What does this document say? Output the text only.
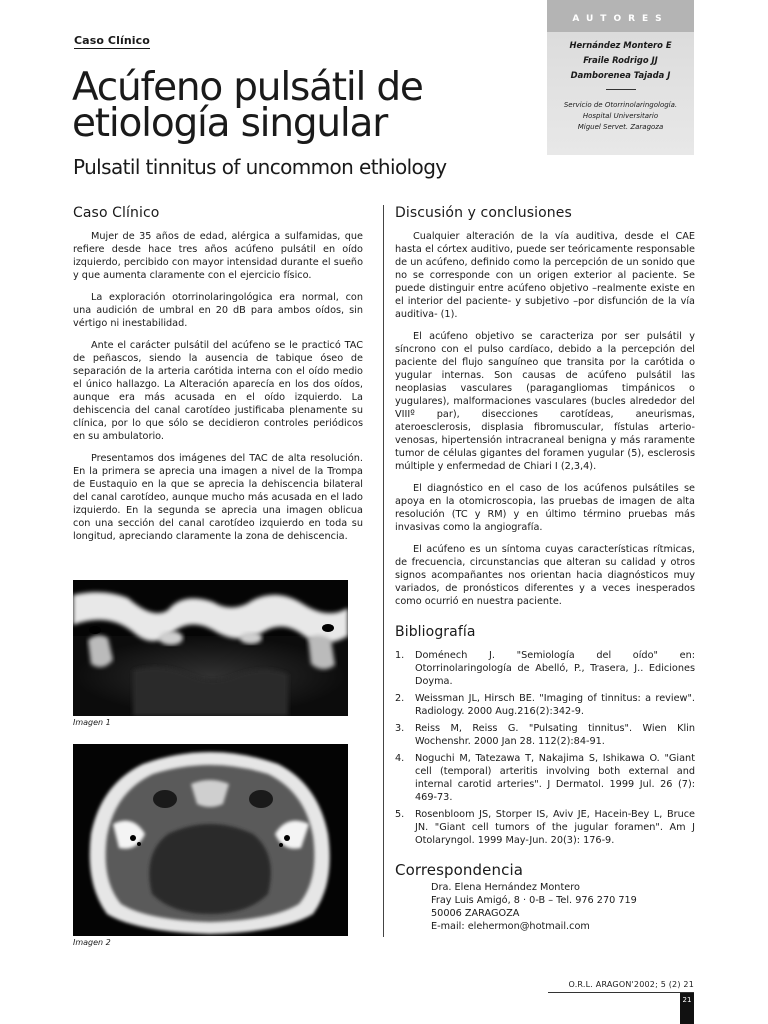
Caso Clínico
Acúfeno pulsátil de etiología singular
Pulsatil tinnitus of uncommon ethiology
AUTORES
Hernández Montero E
Fraile Rodrigo JJ
Damborenea Tajada J
Servicio de Otorrinolaringología.
Hospital Universitario
Miguel Servet. Zaragoza
Caso Clínico

Mujer de 35 años de edad, alérgica a sulfamidas, que refiere desde hace tres años acúfeno pulsátil en oído izquierdo, percibido con mayor intensidad durante el sueño y que aumenta claramente con el ejercicio físico.

La exploración otorrinolaringológica era normal, con una audición de umbral en 20 dB para ambos oídos, sin vértigo ni inestabilidad.

Ante el carácter pulsátil del acúfeno se le practicó TAC de peñascos, siendo la ausencia de tabique óseo de separación de la arteria carótida interna con el oído medio el único hallazgo. La Alteración aparecía en los dos oídos, aunque era más acusada en el oído izquierdo. La dehiscencia del canal carotídeo justificaba plenamente su clínica, por lo que sólo se decidieron controles periódicos en su ambulatorio.

Presentamos dos imágenes del TAC de alta resolución. En la primera se aprecia una imagen a nivel de la Trompa de Eustaquio en la que se aprecia la dehiscencia bilateral del canal carotídeo, aunque mucho más acusada en el lado izquierdo. En la segunda se aprecia una imagen oblicua con una sección del canal carotídeo izquierdo en toda su longitud, apreciando claramente la zona de dehiscencia.

Imagen 1
Imagen 2
Discusión y conclusiones

Cualquier alteración de la vía auditiva, desde el CAE hasta el córtex auditivo, puede ser teóricamente responsable de un acúfeno, definido como la percepción de un sonido que no se corresponde con un origen exterior al paciente. Se puede distinguir entre acúfeno objetivo –realmente existe en el interior del paciente- y subjetivo –por disfunción de la vía auditiva- (1).

El acúfeno objetivo se caracteriza por ser pulsátil y síncrono con el pulso cardíaco, debido a la percepción del paciente del flujo sanguíneo que transita por la carótida o yugular internas. Son causas de acúfeno pulsátil las neoplasias vasculares (paragangliomas timpánicos o yugulares), malformaciones vasculares (bucles alrededor del VIIIº par), disecciones carotídeas, aneurismas, ateroesclerosis, displasia fibromuscular, fístulas arterio-venosas, hipertensión intracraneal benigna y más raramente tumor de células gigantes del foramen yugular (5), esclerosis múltiple y enfermedad de Chiari I (2,3,4).

El diagnóstico en el caso de los acúfenos pulsátiles se apoya en la otomicroscopia, las pruebas de imagen de alta resolución (TC y RM) y en último término pruebas más invasivas como la angiografía.

El acúfeno es un síntoma cuyas características rítmicas, de frecuencia, circunstancias que alteran su calidad y otros signos acompañantes nos orientan hacia diagnósticos muy variados, de pronósticos diferentes y a veces inesperados como ocurrió en nuestra paciente.

Bibliografía
1. Doménech J. "Semiología del oído" en: Otorrinolaringología de Abelló, P., Trasera, J.. Ediciones Doyma.
2. Weissman JL, Hirsch BE. "Imaging of tinnitus: a review". Radiology. 2000 Aug.216(2):342-9.
3. Reiss M, Reiss G. "Pulsating tinnitus". Wien Klin Wochenshr. 2000 Jan 28. 112(2):84-91.
4. Noguchi M, Tatezawa T, Nakajima S, Ishikawa O. "Giant cell (temporal) arteritis involving both external and internal carotid arteries". J Dermatol. 1999 Jul. 26 (7): 469-73.
5. Rosenbloom JS, Storper IS, Aviv JE, Hacein-Bey L, Bruce JN. "Giant cell tumors of the jugular foramen". Am J Otolaryngol. 1999 May-Jun. 20(3): 176-9.
Correspondencia
Dra. Elena Hernández Montero
Fray Luis Amigó, 8 · 0-B – Tel. 976 270 719
50006 ZARAGOZA
E-mail: elehermon@hotmail.com
O.R.L. ARAGON'2002; 5 (2) 21
21
